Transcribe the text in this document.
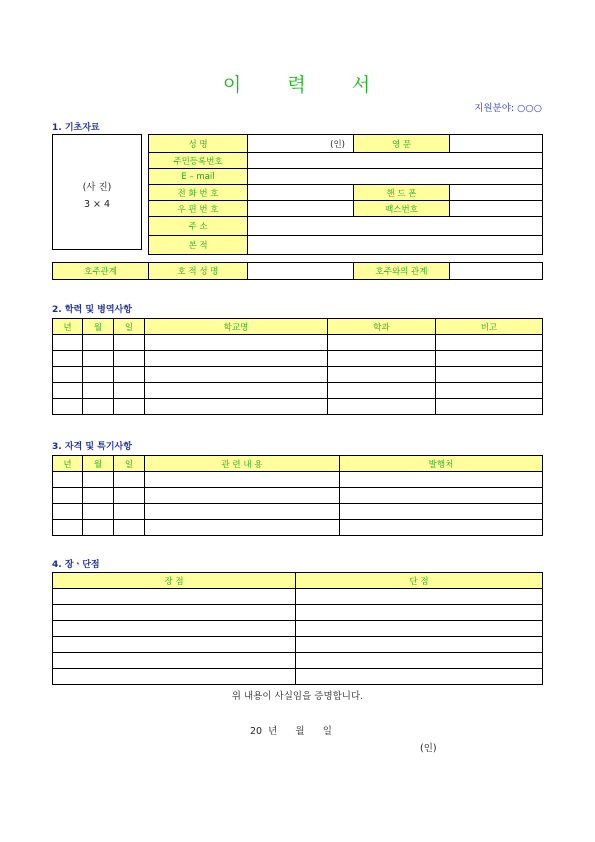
이 력 서
지원분야: ○○○
1. 기초자료
(사 진)
3 × 4
성 명	(인)	영 문	
주민등록번호			
E – mail			
전 화 번 호		핸 드 폰	
우 편 번 호		팩스번호	
주 소			
본 적			
호주관계	호 적 성 명		호주와의 관계	
2. 학력 및 병역사항
년	월	일	학교명	학과	비고

3. 자격 및 특기사항
년	월	일	관 련 내 용	발행처

4. 장ㆍ단점
장 점	단 점

위 내용이 사실임을 증명합니다.
20  년      월      일
(인)
